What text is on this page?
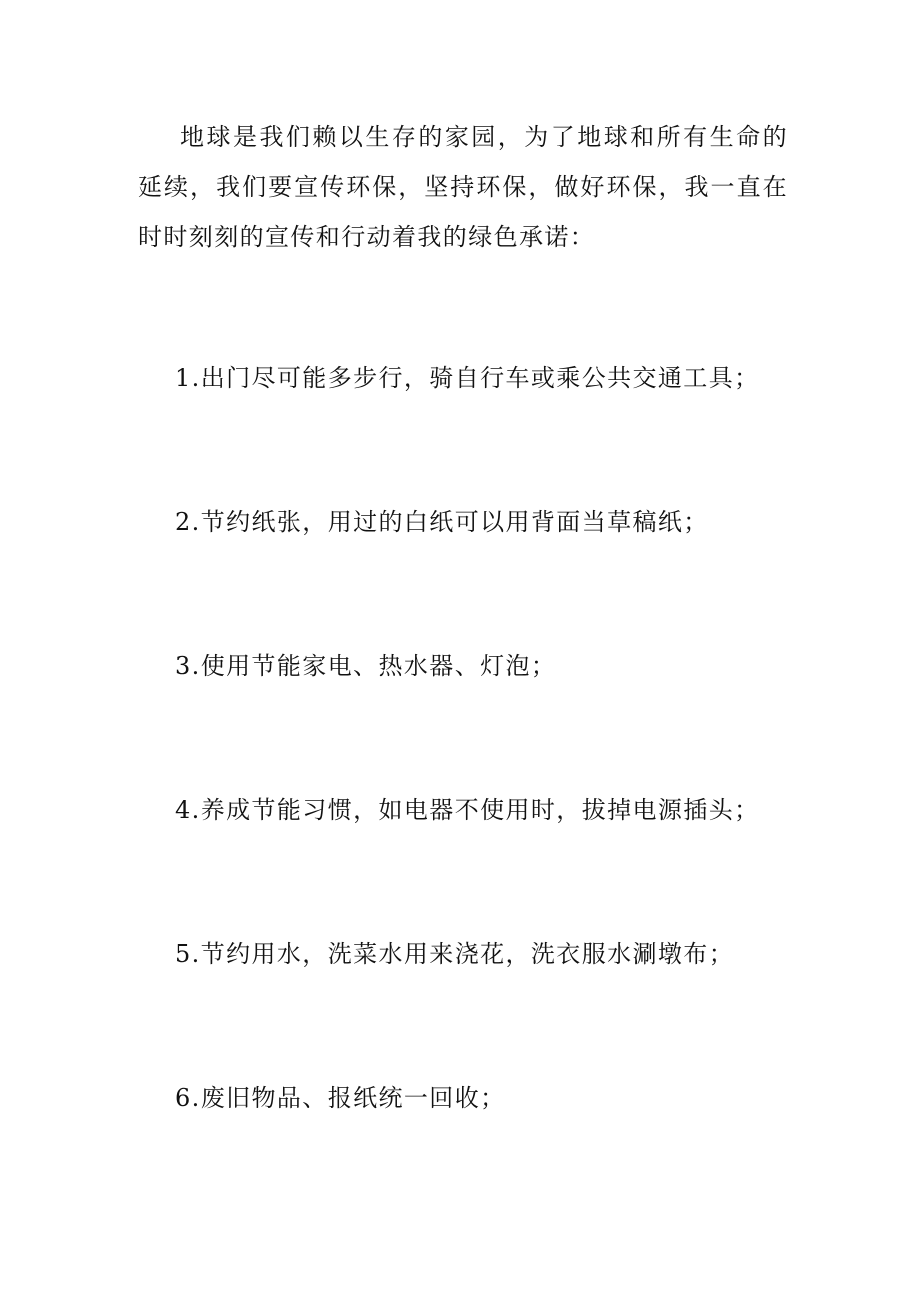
地球是我们赖以生存的家园，为了地球和所有生命的延续，我们要宣传环保，坚持环保，做好环保，我一直在时时刻刻的宣传和行动着我的绿色承诺：

1.出门尽可能多步行，骑自行车或乘公共交通工具；

2.节约纸张，用过的白纸可以用背面当草稿纸；

3.使用节能家电、热水器、灯泡；

4.养成节能习惯，如电器不使用时，拔掉电源插头；

5.节约用水，洗菜水用来浇花，洗衣服水涮墩布；

6.废旧物品、报纸统一回收；
